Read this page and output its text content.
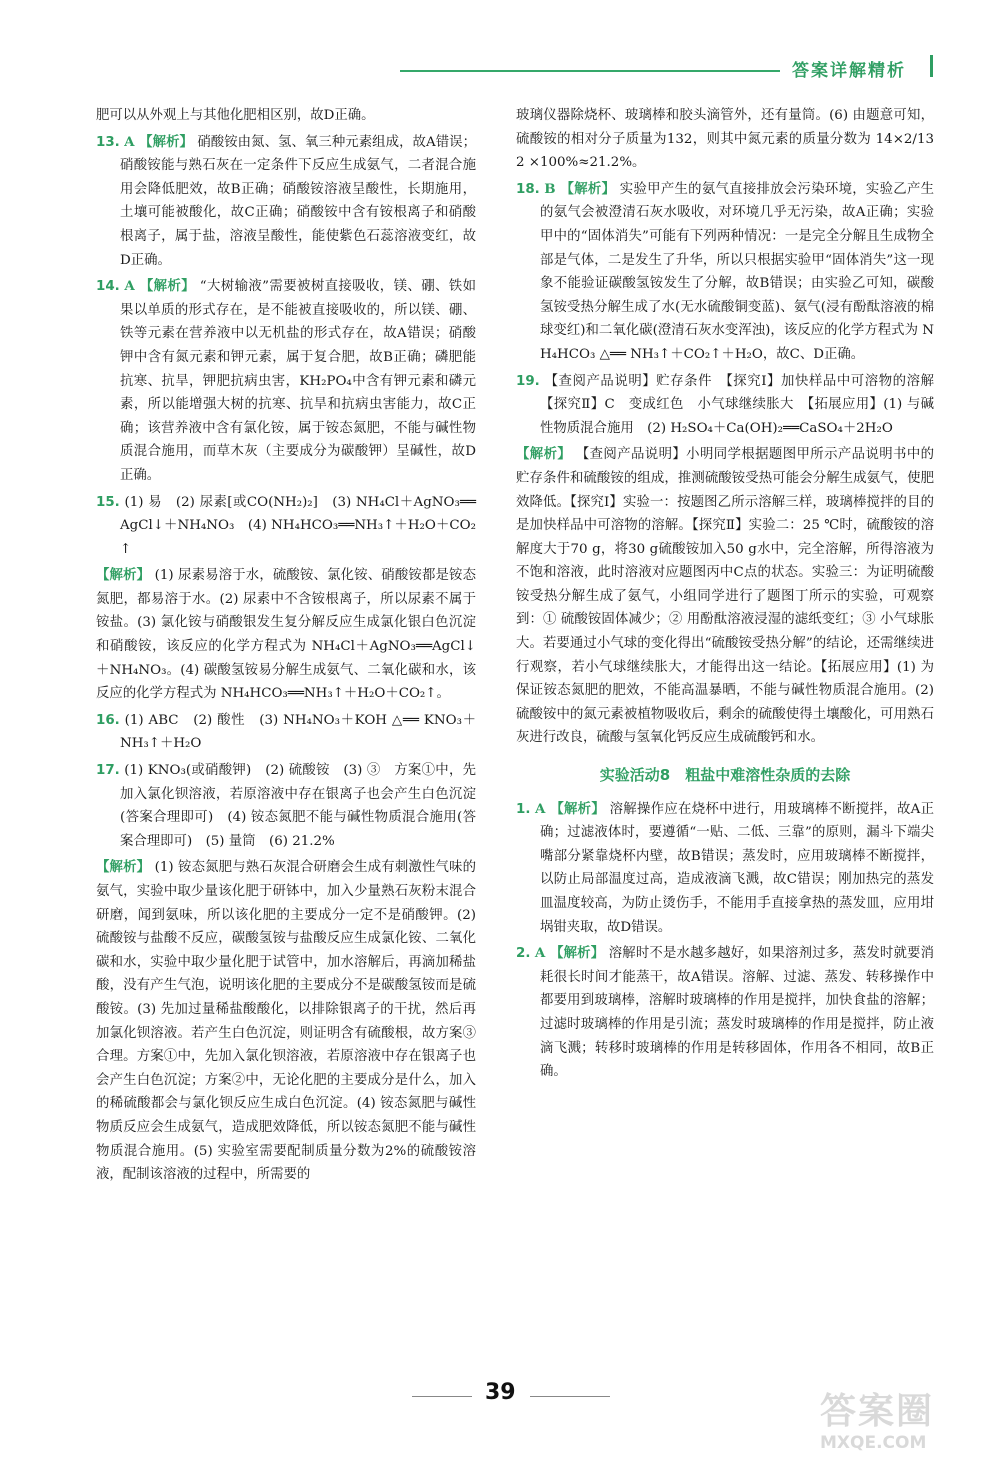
答案详解精析
肥可以从外观上与其他化肥相区别，故D正确。
13. A 【解析】 硝酸铵由氮、氢、氧三种元素组成，故A错误；硝酸铵能与熟石灰在一定条件下反应生成氨气，二者混合施用会降低肥效，故B正确；硝酸铵溶液呈酸性，长期施用，土壤可能被酸化，故C正确；硝酸铵中含有铵根离子和硝酸根离子，属于盐，溶液呈酸性，能使紫色石蕊溶液变红，故D正确。
14. A 【解析】 “大树输液”需要被树直接吸收，镁、硼、铁如果以单质的形式存在，是不能被直接吸收的，所以镁、硼、铁等元素在营养液中以无机盐的形式存在，故A错误；硝酸钾中含有氮元素和钾元素，属于复合肥，故B正确；磷肥能抗寒、抗旱，钾肥抗病虫害，KH₂PO₄中含有钾元素和磷元素，所以能增强大树的抗寒、抗旱和抗病虫害能力，故C正确；该营养液中含有氯化铵，属于铵态氮肥，不能与碱性物质混合施用，而草木灰（主要成分为碳酸钾）呈碱性，故D正确。
15. (1) 易　(2) 尿素[或CO(NH₂)₂]　(3) NH₄Cl＋AgNO₃══AgCl↓＋NH₄NO₃　(4) NH₄HCO₃══NH₃↑＋H₂O＋CO₂↑
【解析】 (1) 尿素易溶于水，硫酸铵、氯化铵、硝酸铵都是铵态氮肥，都易溶于水。(2) 尿素中不含铵根离子，所以尿素不属于铵盐。(3) 氯化铵与硝酸银发生复分解反应生成氯化银白色沉淀和硝酸铵，该反应的化学方程式为 NH₄Cl＋AgNO₃══AgCl↓＋NH₄NO₃。(4) 碳酸氢铵易分解生成氨气、二氧化碳和水，该反应的化学方程式为 NH₄HCO₃══NH₃↑＋H₂O＋CO₂↑。
16. (1) ABC　(2) 酸性　(3) NH₄NO₃＋KOH △══ KNO₃＋NH₃↑＋H₂O
17. (1) KNO₃(或硝酸钾)　(2) 硫酸铵　(3) ③　方案①中，先加入氯化钡溶液，若原溶液中存在银离子也会产生白色沉淀(答案合理即可)　(4) 铵态氮肥不能与碱性物质混合施用(答案合理即可)　(5) 量筒　(6) 21.2%
【解析】 (1) 铵态氮肥与熟石灰混合研磨会生成有刺激性气味的氨气，实验中取少量该化肥于研钵中，加入少量熟石灰粉末混合研磨，闻到氨味，所以该化肥的主要成分一定不是硝酸钾。(2) 硫酸铵与盐酸不反应，碳酸氢铵与盐酸反应生成氯化铵、二氧化碳和水，实验中取少量化肥于试管中，加水溶解后，再滴加稀盐酸，没有产生气泡，说明该化肥的主要成分不是碳酸氢铵而是硫酸铵。(3) 先加过量稀盐酸酸化，以排除银离子的干扰，然后再加氯化钡溶液。若产生白色沉淀，则证明含有硫酸根，故方案③合理。方案①中，先加入氯化钡溶液，若原溶液中存在银离子也会产生白色沉淀；方案②中，无论化肥的主要成分是什么，加入的稀硫酸都会与氯化钡反应生成白色沉淀。(4) 铵态氮肥与碱性物质反应会生成氨气，造成肥效降低，所以铵态氮肥不能与碱性物质混合施用。(5) 实验室需要配制质量分数为2%的硫酸铵溶液，配制该溶液的过程中，所需要的
玻璃仪器除烧杯、玻璃棒和胶头滴管外，还有量筒。(6) 由题意可知，硫酸铵的相对分子质量为132，则其中氮元素的质量分数为 14×2/132 ×100%≈21.2%。
18. B 【解析】 实验甲产生的氨气直接排放会污染环境，实验乙产生的氨气会被澄清石灰水吸收，对环境几乎无污染，故A正确；实验甲中的“固体消失”可能有下列两种情况：一是完全分解且生成物全部是气体，二是发生了升华，所以只根据实验甲“固体消失”这一现象不能验证碳酸氢铵发生了分解，故B错误；由实验乙可知，碳酸氢铵受热分解生成了水(无水硫酸铜变蓝)、氨气(浸有酚酞溶液的棉球变红)和二氧化碳(澄清石灰水变浑浊)，该反应的化学方程式为 NH₄HCO₃ △══ NH₃↑＋CO₂↑＋H₂O，故C、D正确。
19. 【查阅产品说明】贮存条件　【探究Ⅰ】加快样品中可溶物的溶解　【探究Ⅱ】C　变成红色　小气球继续胀大　【拓展应用】(1) 与碱性物质混合施用　(2) H₂SO₄＋Ca(OH)₂══CaSO₄＋2H₂O
【解析】 【查阅产品说明】小明同学根据题图甲所示产品说明书中的贮存条件和硫酸铵的组成，推测硫酸铵受热可能会分解生成氨气，使肥效降低。【探究Ⅰ】实验一：按题图乙所示溶解三样，玻璃棒搅拌的目的是加快样品中可溶物的溶解。【探究Ⅱ】实验二：25 ℃时，硫酸铵的溶解度大于70 g，将30 g硫酸铵加入50 g水中，完全溶解，所得溶液为不饱和溶液，此时溶液对应题图丙中C点的状态。实验三：为证明硫酸铵受热分解生成了氨气，小组同学进行了题图丁所示的实验，可观察到：① 硫酸铵固体减少；② 用酚酞溶液浸湿的滤纸变红；③ 小气球胀大。若要通过小气球的变化得出“硫酸铵受热分解”的结论，还需继续进行观察，若小气球继续胀大，才能得出这一结论。【拓展应用】(1) 为保证铵态氮肥的肥效，不能高温暴晒，不能与碱性物质混合施用。(2) 硫酸铵中的氮元素被植物吸收后，剩余的硫酸使得土壤酸化，可用熟石灰进行改良，硫酸与氢氧化钙反应生成硫酸钙和水。
实验活动8　粗盐中难溶性杂质的去除
1. A 【解析】 溶解操作应在烧杯中进行，用玻璃棒不断搅拌，故A正确；过滤液体时，要遵循“一贴、二低、三靠”的原则，漏斗下端尖嘴部分紧靠烧杯内壁，故B错误；蒸发时，应用玻璃棒不断搅拌，以防止局部温度过高，造成液滴飞溅，故C错误；刚加热完的蒸发皿温度较高，为防止烫伤手，不能用手直接拿热的蒸发皿，应用坩埚钳夹取，故D错误。
2. A 【解析】 溶解时不是水越多越好，如果溶剂过多，蒸发时就要消耗很长时间才能蒸干，故A错误。溶解、过滤、蒸发、转移操作中都要用到玻璃棒，溶解时玻璃棒的作用是搅拌，加快食盐的溶解；过滤时玻璃棒的作用是引流；蒸发时玻璃棒的作用是搅拌，防止液滴飞溅；转移时玻璃棒的作用是转移固体，作用各不相同，故B正确。
39	答案圈
MXQE.COM
